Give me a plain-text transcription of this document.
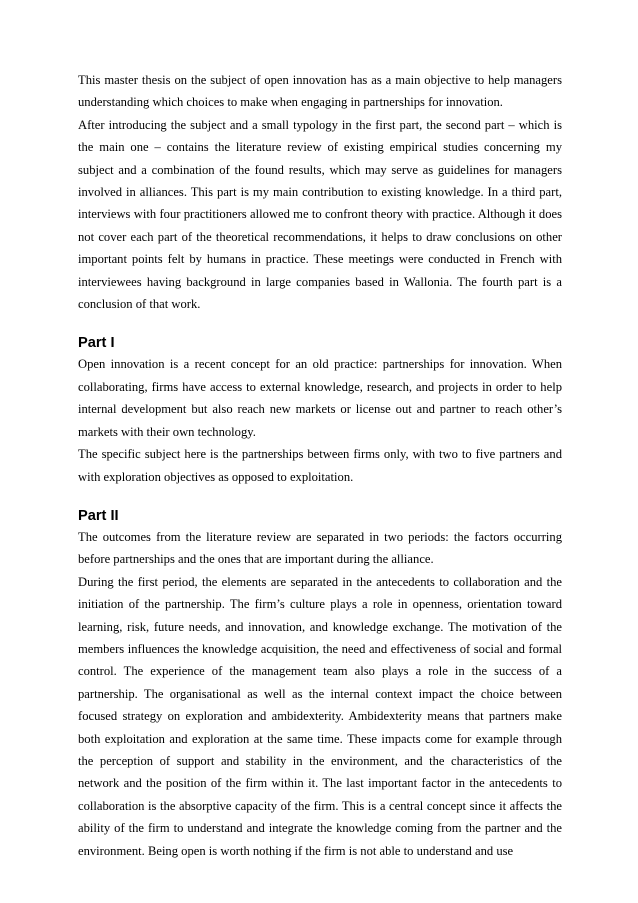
This master thesis on the subject of open innovation has as a main objective to help managers understanding which choices to make when engaging in partnerships for innovation.

After introducing the subject and a small typology in the first part, the second part – which is the main one – contains the literature review of existing empirical studies concerning my subject and a combination of the found results, which may serve as guidelines for managers involved in alliances. This part is my main contribution to existing knowledge. In a third part, interviews with four practitioners allowed me to confront theory with practice. Although it does not cover each part of the theoretical recommendations, it helps to draw conclusions on other important points felt by humans in practice. These meetings were conducted in French with interviewees having background in large companies based in Wallonia. The fourth part is a conclusion of that work.

Part I

Open innovation is a recent concept for an old practice: partnerships for innovation. When collaborating, firms have access to external knowledge, research, and projects in order to help internal development but also reach new markets or license out and partner to reach other’s markets with their own technology.

The specific subject here is the partnerships between firms only, with two to five partners and with exploration objectives as opposed to exploitation.

Part II

The outcomes from the literature review are separated in two periods: the factors occurring before partnerships and the ones that are important during the alliance.

During the first period, the elements are separated in the antecedents to collaboration and the initiation of the partnership. The firm’s culture plays a role in openness, orientation toward learning, risk, future needs, and innovation, and knowledge exchange. The motivation of the members influences the knowledge acquisition, the need and effectiveness of social and formal control. The experience of the management team also plays a role in the success of a partnership. The organisational as well as the internal context impact the choice between focused strategy on exploration and ambidexterity. Ambidexterity means that partners make both exploitation and exploration at the same time. These impacts come for example through the perception of support and stability in the environment, and the characteristics of the network and the position of the firm within it. The last important factor in the antecedents to collaboration is the absorptive capacity of the firm. This is a central concept since it affects the ability of the firm to understand and integrate the knowledge coming from the partner and the environment. Being open is worth nothing if the firm is not able to understand and use
